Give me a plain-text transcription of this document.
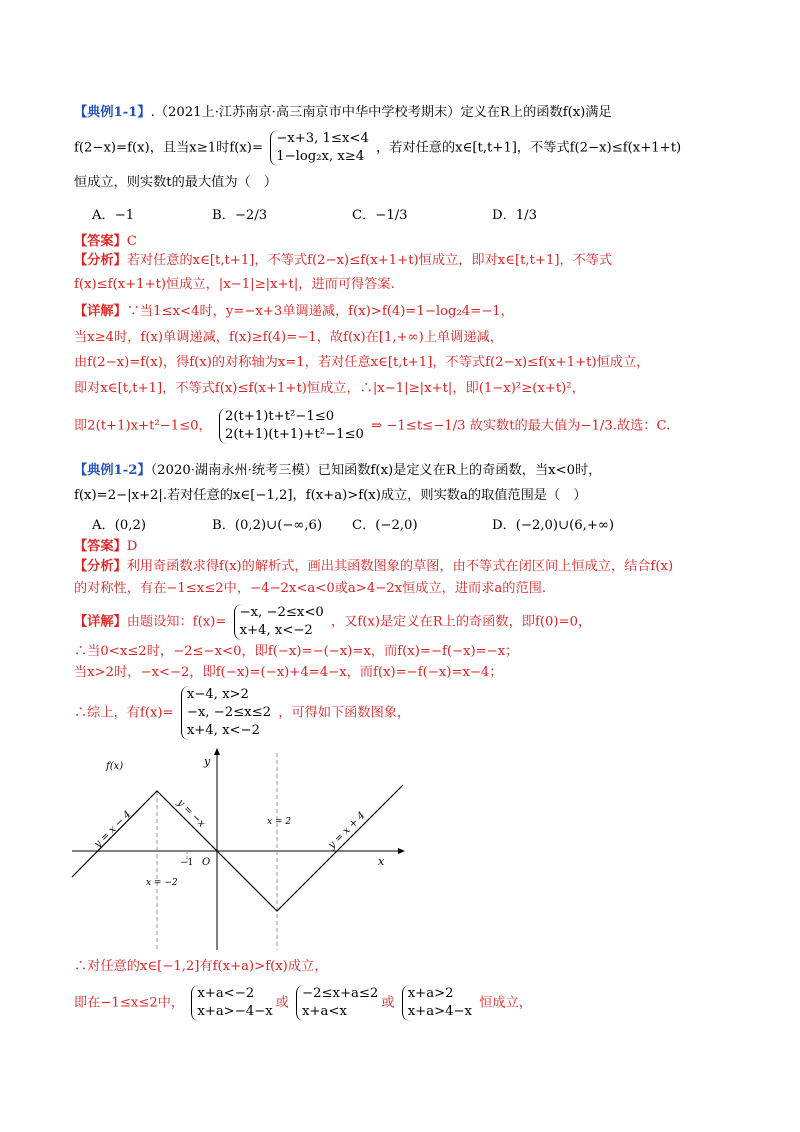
【典例1-1】.（2021上·江苏南京·高三南京市中华中学校考期末）定义在R上的函数f(x)满足
f(2−x)=f(x)，且当x≥1时f(x)=
−x+3, 1≤x<4
1−log₂x, x≥4
，若对任意的x∈[t,t+1]，不等式f(2−x)≤f(x+1+t)
恒成立，则实数t的最大值为（　）
A．−1	B．−2/3	C．−1/3	D．1/3
【答案】C
【分析】若对任意的x∈[t,t+1]，不等式f(2−x)≤f(x+1+t)恒成立，即对x∈[t,t+1]，不等式
f(x)≤f(x+1+t)恒成立，|x−1|≥|x+t|，进而可得答案.
【详解】∵当1≤x<4时，y=−x+3单调递减，f(x)>f(4)=1−log₂4=−1，
当x≥4时，f(x)单调递减，f(x)≥f(4)=−1，故f(x)在[1,+∞)上单调递减，
由f(2−x)=f(x)，得f(x)的对称轴为x=1，若对任意x∈[t,t+1]，不等式f(2−x)≤f(x+1+t)恒成立，
即对x∈[t,t+1]，不等式f(x)≤f(x+1+t)恒成立，∴|x−1|≥|x+t|，即(1−x)²≥(x+t)²，
即2(t+1)x+t²−1≤0，
2(t+1)t+t²−1≤0
2(t+1)(t+1)+t²−1≤0
⇒ −1≤t≤−1/3 故实数t的最大值为−1/3.故选：C.
【典例1-2】（2020·湖南永州·统考三模）已知函数f(x)是定义在R上的奇函数，当x<0时，
f(x)=2−|x+2|.若对任意的x∈[−1,2]，f(x+a)>f(x)成立，则实数a的取值范围是（　）
A．(0,2)	B．(0,2)∪(−∞,6) C．(−2,0)	D．(−2,0)∪(6,+∞)
【答案】D
【分析】利用奇函数求得f(x)的解析式，画出其函数图象的草图，由不等式在闭区间上恒成立，结合f(x)
的对称性，有在−1≤x≤2中，−4−2x<a<0或a>4−2x恒成立，进而求a的范围.
【详解】由题设知：f(x)=
−x, −2≤x<0
x+4, x<−2
，又f(x)是定义在R上的奇函数，即f(0)=0，
∴当0<x≤2时，−2≤−x<0，即f(−x)=−(−x)=x，而f(x)=−f(−x)=−x；
当x>2时，−x<−2，即f(−x)=(−x)+4=4−x，而f(x)=−f(−x)=x−4；
∴综上，有f(x)=
x−4, x>2
−x, −2≤x≤2
x+4, x<−2
，可得如下函数图象，
f(x)	y
x
O
−1
x = 2
x = −2
y = x − 4	y = −x	y = x + 4
∴对任意的x∈[−1,2]有f(x+a)>f(x)成立，
即在−1≤x≤2中，
x+a<−2
x+a>−4−x
或
−2≤x+a≤2
x+a<x
或
x+a>2
x+a>4−x
恒成立，
